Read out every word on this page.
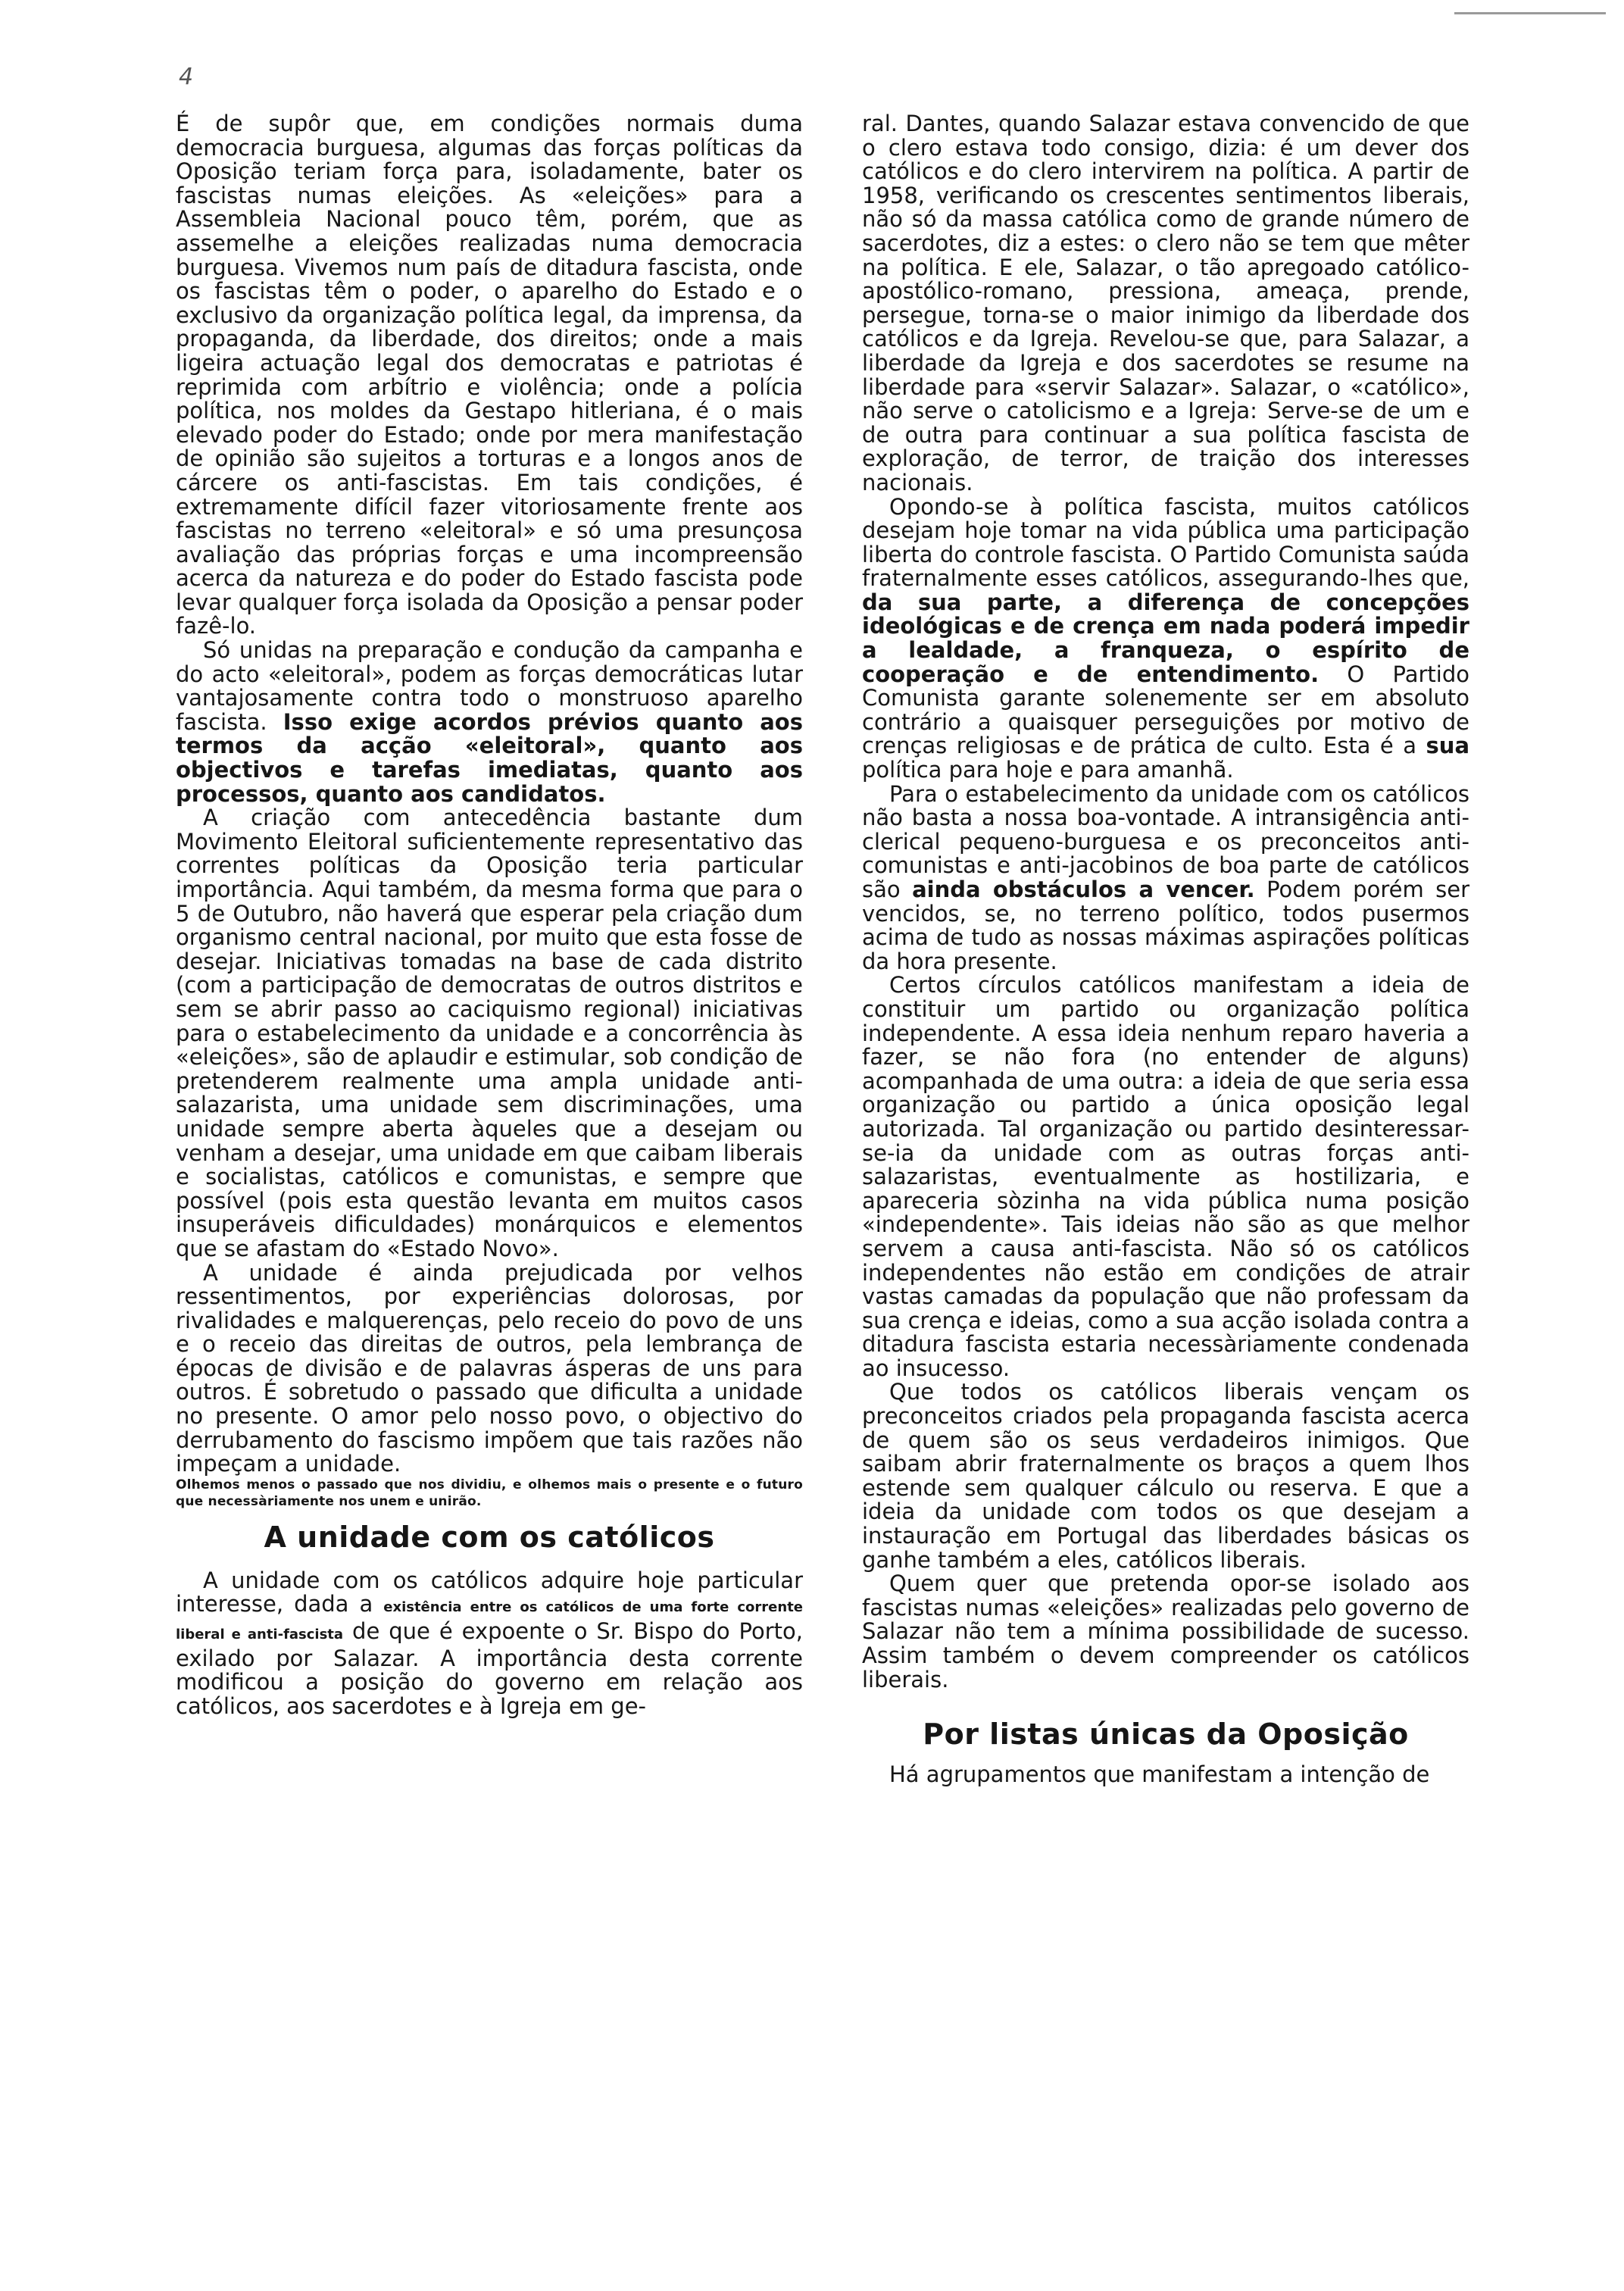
4

É de supôr que, em condições normais duma democracia burguesa, algumas das forças políticas da Oposição teriam força para, isoladamente, bater os fascistas numas eleições. As «eleições» para a Assembleia Nacional pouco têm, porém, que as assemelhe a eleições realizadas numa democracia burguesa. Vivemos num país de ditadura fascista, onde os fascistas têm o poder, o aparelho do Estado e o exclusivo da organização política legal, da imprensa, da propaganda, da liberdade, dos direitos; onde a mais ligeira actuação legal dos democratas e patriotas é reprimida com arbítrio e violência; onde a polícia política, nos moldes da Gestapo hitleriana, é o mais elevado poder do Estado; onde por mera manifestação de opinião são sujeitos a torturas e a longos anos de cárcere os anti-fascistas. Em tais condições, é extremamente difícil fazer vitoriosamente frente aos fascistas no terreno «eleitoral» e só uma presunçosa avaliação das próprias forças e uma incompreensão acerca da natureza e do poder do Estado fascista pode levar qualquer força isolada da Oposição a pensar poder fazê-lo.

Só unidas na preparação e condução da campanha e do acto «eleitoral», podem as forças democráticas lutar vantajosamente contra todo o monstruoso aparelho fascista. Isso exige acordos prévios quanto aos termos da acção «eleitoral», quanto aos objectivos e tarefas imediatas, quanto aos processos, quanto aos candidatos.

A criação com antecedência bastante dum Movimento Eleitoral suficientemente representativo das correntes políticas da Oposição teria particular importância. Aqui também, da mesma forma que para o 5 de Outubro, não haverá que esperar pela criação dum organismo central nacional, por muito que esta fosse de desejar. Iniciativas tomadas na base de cada distrito (com a participação de democratas de outros distritos e sem se abrir passo ao caciquismo regional) iniciativas para o estabelecimento da unidade e a concorrência às «eleições», são de aplaudir e estimular, sob condição de pretenderem realmente uma ampla unidade anti-salazarista, uma unidade sem discriminações, uma unidade sempre aberta àqueles que a desejam ou venham a desejar, uma unidade em que caibam liberais e socialistas, católicos e comunistas, e sempre que possível (pois esta questão levanta em muitos casos insuperáveis dificuldades) monárquicos e elementos que se afastam do «Estado Novo».

A unidade é ainda prejudicada por velhos ressentimentos, por experiências dolorosas, por rivalidades e malquerenças, pelo receio do povo de uns e o receio das direitas de outros, pela lembrança de épocas de divisão e de palavras ásperas de uns para outros. É sobretudo o passado que dificulta a unidade no presente. O amor pelo nosso povo, o objectivo do derrubamento do fascismo impõem que tais razões não impeçam a unidade.

Olhemos menos o passado que nos dividiu, e olhemos mais o presente e o futuro que necessàriamente nos unem e unirão.

A unidade com os católicos

A unidade com os católicos adquire hoje particular interesse, dada a existência entre os católicos de uma forte corrente liberal e anti-fascista de que é expoente o Sr. Bispo do Porto, exilado por Salazar. A importância desta corrente modificou a posição do governo em relação aos católicos, aos sacerdotes e à Igreja em ge-

ral. Dantes, quando Salazar estava convencido de que o clero estava todo consigo, dizia: é um dever dos católicos e do clero intervirem na política. A partir de 1958, verificando os crescentes sentimentos liberais, não só da massa católica como de grande número de sacerdotes, diz a estes: o clero não se tem que mêter na política. E ele, Salazar, o tão apregoado católico-apostólico-romano, pressiona, ameaça, prende, persegue, torna-se o maior inimigo da liberdade dos católicos e da Igreja. Revelou-se que, para Salazar, a liberdade da Igreja e dos sacerdotes se resume na liberdade para «servir Salazar». Salazar, o «católico», não serve o catolicismo e a Igreja: Serve-se de um e de outra para continuar a sua política fascista de exploração, de terror, de traição dos interesses nacionais.

Opondo-se à política fascista, muitos católicos desejam hoje tomar na vida pública uma participação liberta do controle fascista. O Partido Comunista saúda fraternalmente esses católicos, assegurando-lhes que, da sua parte, a diferença de concepções ideológicas e de crença em nada poderá impedir a lealdade, a franqueza, o espírito de cooperação e de entendimento. O Partido Comunista garante solenemente ser em absoluto contrário a quaisquer perseguições por motivo de crenças religiosas e de prática de culto. Esta é a sua política para hoje e para amanhã.

Para o estabelecimento da unidade com os católicos não basta a nossa boa-vontade. A intransigência anti-clerical pequeno-burguesa e os preconceitos anti-comunistas e anti-jacobinos de boa parte de católicos são ainda obstáculos a vencer. Podem porém ser vencidos, se, no terreno político, todos pusermos acima de tudo as nossas máximas aspirações políticas da hora presente.

Certos círculos católicos manifestam a ideia de constituir um partido ou organização política independente. A essa ideia nenhum reparo haveria a fazer, se não fora (no entender de alguns) acompanhada de uma outra: a ideia de que seria essa organização ou partido a única oposição legal autorizada. Tal organização ou partido desinteressar-se-ia da unidade com as outras forças anti-salazaristas, eventualmente as hostilizaria, e apareceria sòzinha na vida pública numa posição «independente». Tais ideias não são as que melhor servem a causa anti-fascista. Não só os católicos independentes não estão em condições de atrair vastas camadas da população que não professam da sua crença e ideias, como a sua acção isolada contra a ditadura fascista estaria necessàriamente condenada ao insucesso.

Que todos os católicos liberais vençam os preconceitos criados pela propaganda fascista acerca de quem são os seus verdadeiros inimigos. Que saibam abrir fraternalmente os braços a quem lhos estende sem qualquer cálculo ou reserva. E que a ideia da unidade com todos os que desejam a instauração em Portugal das liberdades básicas os ganhe também a eles, católicos liberais.

Quem quer que pretenda opor-se isolado aos fascistas numas «eleições» realizadas pelo governo de Salazar não tem a mínima possibilidade de sucesso. Assim também o devem compreender os católicos liberais.

Por listas únicas da Oposição

Há agrupamentos que manifestam a intenção de
